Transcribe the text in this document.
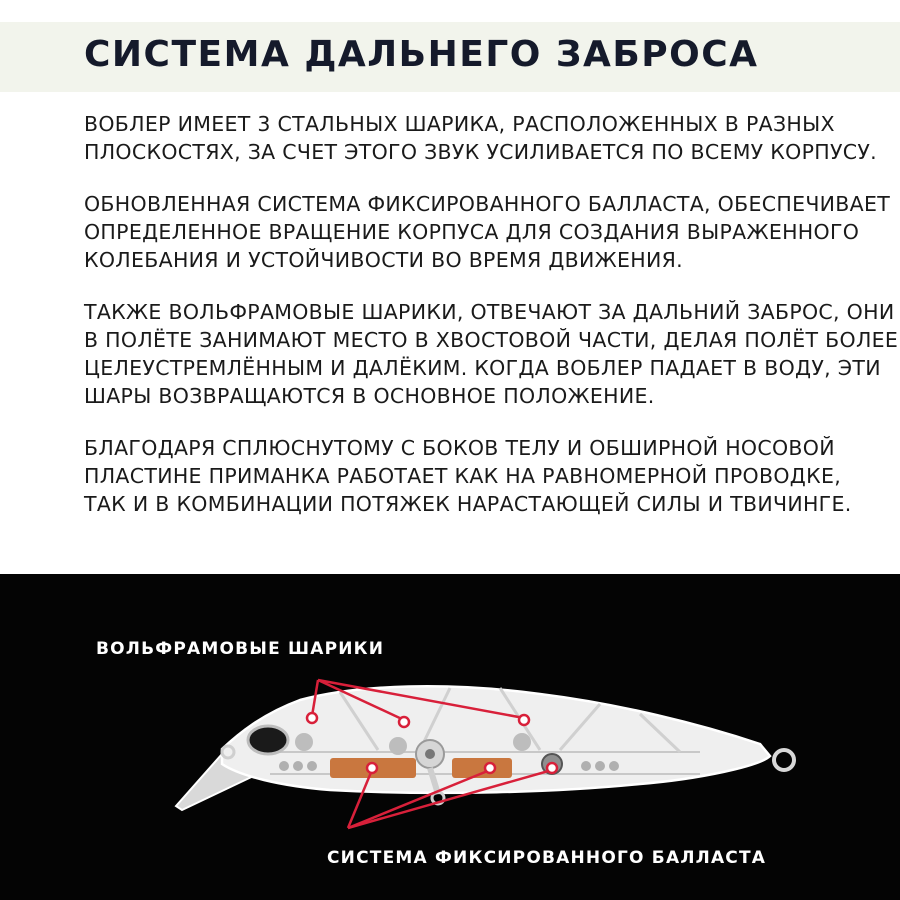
СИСТЕМА ДАЛЬНЕГО ЗАБРОСА

ВОБЛЕР ИМЕЕТ 3 СТАЛЬНЫХ ШАРИКА, РАСПОЛОЖЕННЫХ В РАЗНЫХ
ПЛОСКОСТЯХ, ЗА СЧЕТ ЭТОГО ЗВУК УСИЛИВАЕТСЯ ПО ВСЕМУ КОРПУСУ.

ОБНОВЛЕННАЯ СИСТЕМА ФИКСИРОВАННОГО БАЛЛАСТА, ОБЕСПЕЧИВАЕТ
ОПРЕДЕЛЕННОЕ ВРАЩЕНИЕ КОРПУСА ДЛЯ СОЗДАНИЯ ВЫРАЖЕННОГО
КОЛЕБАНИЯ И УСТОЙЧИВОСТИ ВО ВРЕМЯ ДВИЖЕНИЯ.

ТАКЖЕ ВОЛЬФРАМОВЫЕ ШАРИКИ, ОТВЕЧАЮТ ЗА ДАЛЬНИЙ ЗАБРОС, ОНИ
В ПОЛЁТЕ ЗАНИМАЮТ МЕСТО В ХВОСТОВОЙ ЧАСТИ, ДЕЛАЯ ПОЛЁТ БОЛЕЕ
ЦЕЛЕУСТРЕМЛЁННЫМ И ДАЛЁКИМ. КОГДА ВОБЛЕР ПАДАЕТ В ВОДУ, ЭТИ
ШАРЫ ВОЗВРАЩАЮТСЯ В ОСНОВНОЕ ПОЛОЖЕНИЕ.

БЛАГОДАРЯ СПЛЮСНУТОМУ С БОКОВ ТЕЛУ И ОБШИРНОЙ НОСОВОЙ
ПЛАСТИНЕ ПРИМАНКА РАБОТАЕТ КАК НА РАВНОМЕРНОЙ ПРОВОДКЕ,
ТАК И В КОМБИНАЦИИ ПОТЯЖЕК НАРАСТАЮЩЕЙ СИЛЫ И ТВИЧИНГЕ.

ВОЛЬФРАМОВЫЕ ШАРИКИ
СИСТЕМА ФИКСИРОВАННОГО БАЛЛАСТА
